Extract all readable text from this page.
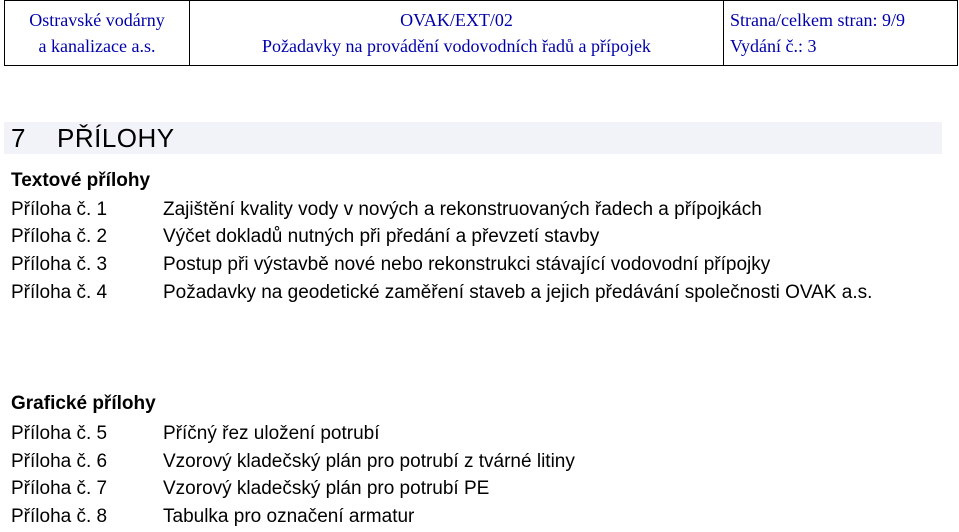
Ostravské vodárny
a kanalizace a.s.
OVAK/EXT/02
Požadavky na provádění vodovodních řadů a přípojek
Strana/celkem stran: 9/9
Vydání č.: 3
7	PŘÍLOHY
Textové přílohy
Příloha č. 1	Zajištění kvality vody v nových a rekonstruovaných řadech a přípojkách
Příloha č. 2	Výčet dokladů nutných při předání a převzetí stavby
Příloha č. 3	Postup při výstavbě nové nebo rekonstrukci stávající vodovodní přípojky
Příloha č. 4	Požadavky na geodetické zaměření staveb a jejich předávání společnosti OVAK a.s.
Grafické přílohy
Příloha č. 5	Příčný řez uložení potrubí
Příloha č. 6	Vzorový kladečský plán pro potrubí z tvárné litiny
Příloha č. 7	Vzorový kladečský plán pro potrubí PE
Příloha č. 8	Tabulka pro označení armatur
